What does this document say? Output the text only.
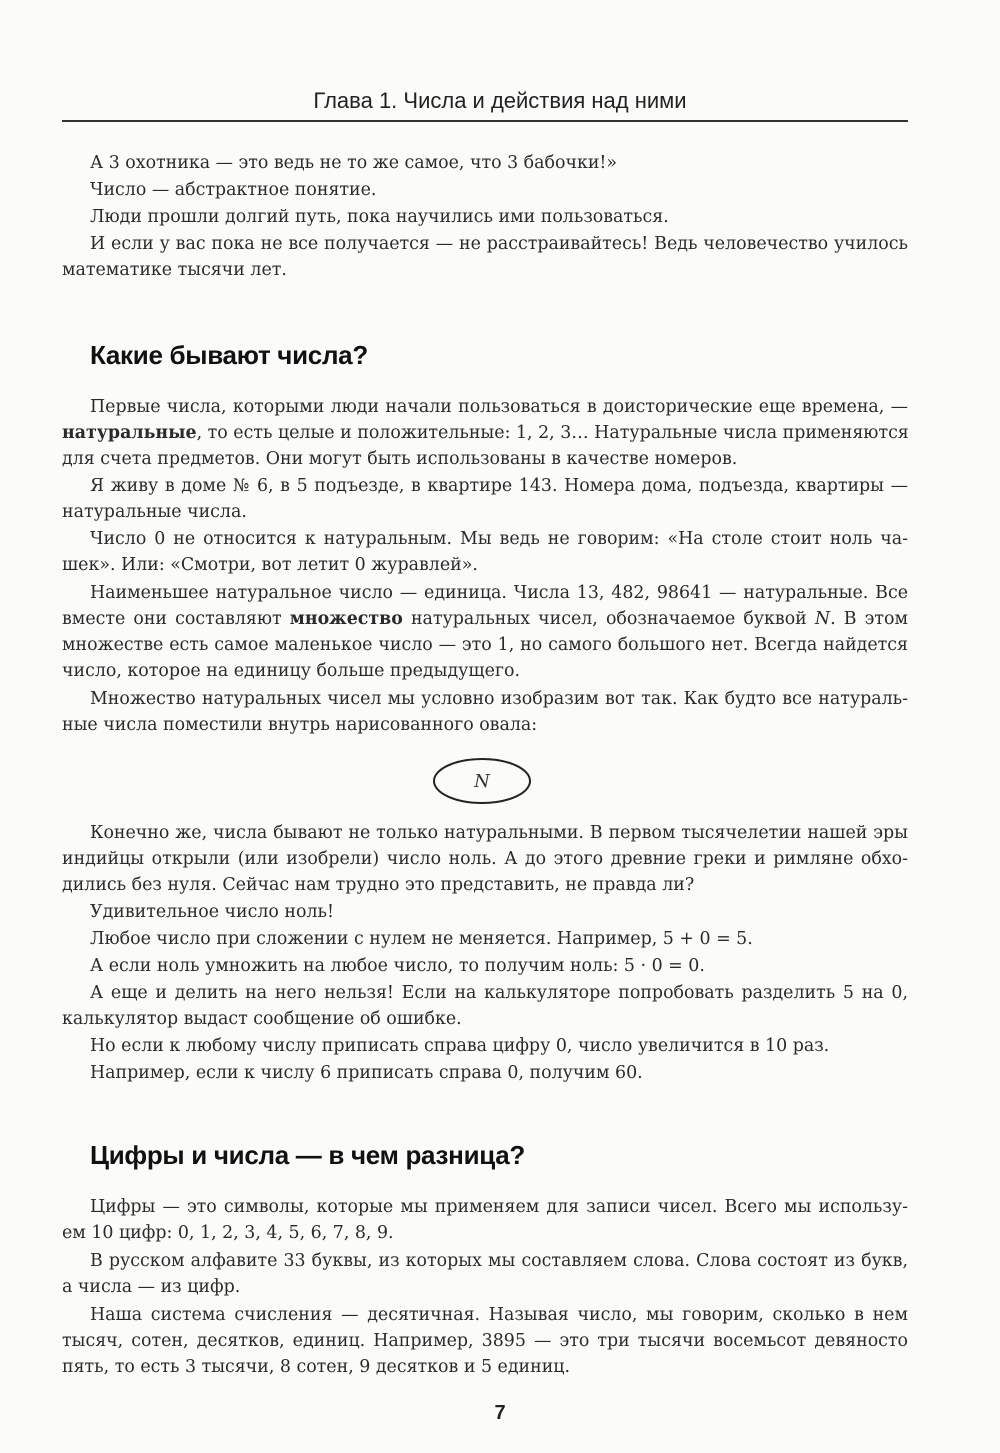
Глава 1. Числа и действия над ними

А 3 охотника — это ведь не то же самое, что 3 бабочки!»

Число — абстрактное понятие.

Люди прошли долгий путь, пока научились ими пользоваться.

И если у вас пока не все получается — не расстраивайтесь! Ведь человечество училось

математике тысячи лет.

Какие бывают числа?

Первые числа, которыми люди начали пользоваться в доисторические еще времена, —

натуральные, то есть целые и положительные: 1, 2, 3… Натуральные числа применяются

для счета предметов. Они могут быть использованы в качестве номеров.

Я живу в доме № 6, в 5 подъезде, в квартире 143. Номера дома, подъезда, квартиры —

натуральные числа.

Число 0 не относится к натуральным. Мы ведь не говорим: «На столе стоит ноль ча-

шек». Или: «Смотри, вот летит 0 журавлей».

Наименьшее натуральное число — единица. Числа 13, 482, 98641 — натуральные. Все

вместе они составляют множество натуральных чисел, обозначаемое буквой N. В этом

множестве есть самое маленькое число — это 1, но самого большого нет. Всегда найдется

число, которое на единицу больше предыдущего.

Множество натуральных чисел мы условно изобразим вот так. Как будто все натураль-

ные числа поместили внутрь нарисованного овала:

N

Конечно же, числа бывают не только натуральными. В первом тысячелетии нашей эры

индийцы открыли (или изобрели) число ноль. А до этого древние греки и римляне обхо-

дились без нуля. Сейчас нам трудно это представить, не правда ли?

Удивительное число ноль!

Любое число при сложении с нулем не меняется. Например, 5 + 0 = 5.

А если ноль умножить на любое число, то получим ноль: 5 · 0 = 0.

А еще и делить на него нельзя! Если на калькуляторе попробовать разделить 5 на 0,

калькулятор выдаст сообщение об ошибке.

Но если к любому числу приписать справа цифру 0, число увеличится в 10 раз.

Например, если к числу 6 приписать справа 0, получим 60.

Цифры и числа — в чем разница?

Цифры — это символы, которые мы применяем для записи чисел. Всего мы использу-

ем 10 цифр: 0, 1, 2, 3, 4, 5, 6, 7, 8, 9.

В русском алфавите 33 буквы, из которых мы составляем слова. Слова состоят из букв,

а числа — из цифр.

Наша система счисления — десятичная. Называя число, мы говорим, сколько в нем

тысяч, сотен, десятков, единиц. Например, 3895 — это три тысячи восемьсот девяносто

пять, то есть 3 тысячи, 8 сотен, 9 десятков и 5 единиц.

7
